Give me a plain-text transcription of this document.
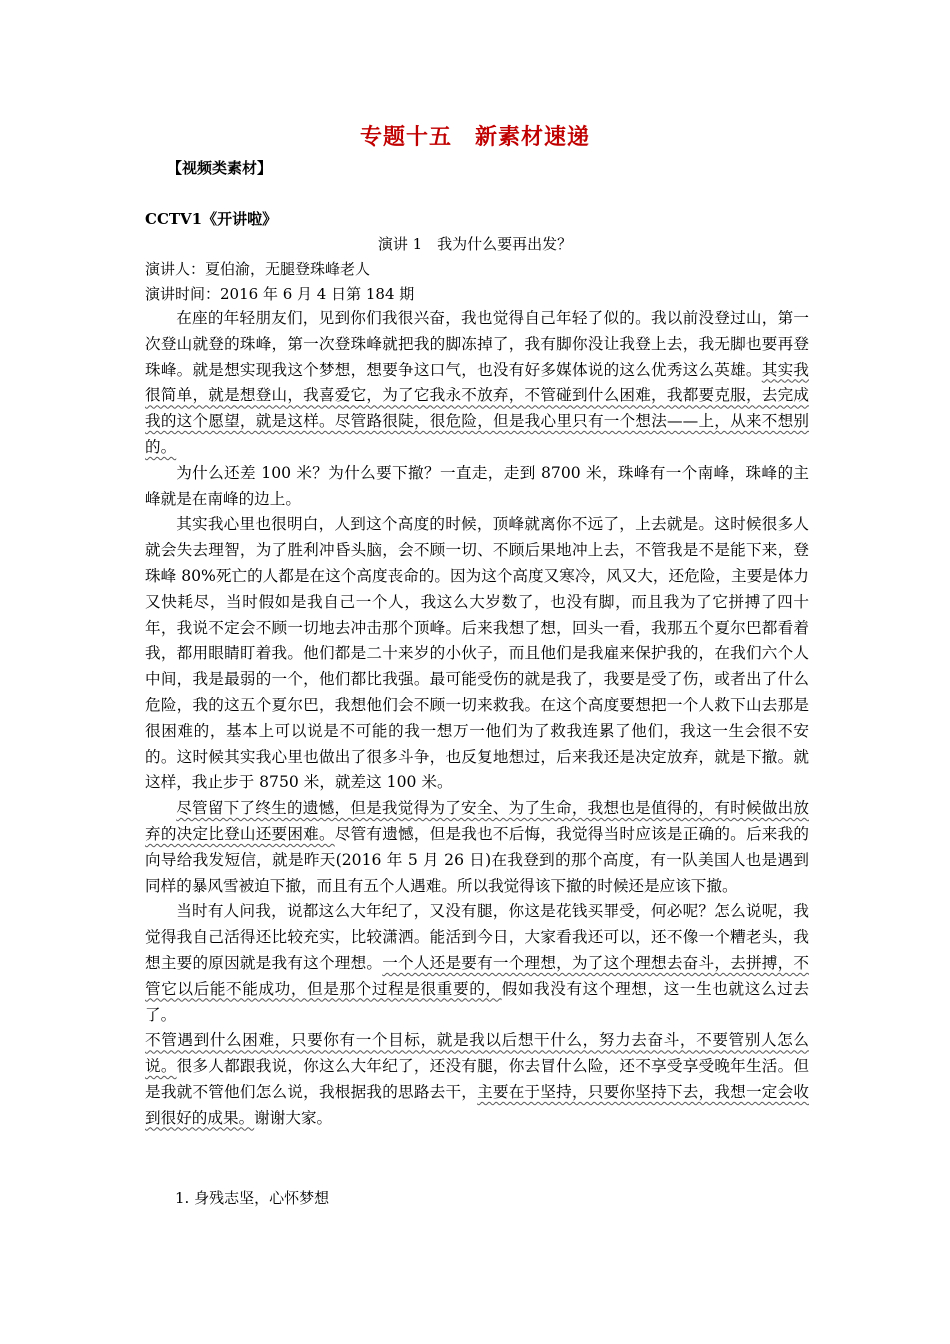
专题十五　新素材速递
【视频类素材】
CCTV1《开讲啦》
演讲 1　我为什么要再出发？
演讲人：夏伯渝，无腿登珠峰老人
演讲时间：2016 年 6 月 4 日第 184 期

在座的年轻朋友们，见到你们我很兴奋，我也觉得自己年轻了似的。我以前没登过山，第一次登山就登的珠峰，第一次登珠峰就把我的脚冻掉了，我有脚你没让我登上去，我无脚也要再登珠峰。就是想实现我这个梦想，想要争这口气，也没有好多媒体说的这么优秀这么英雄。其实我很简单，就是想登山，我喜爱它，为了它我永不放弃，不管碰到什么困难，我都要克服，去完成我的这个愿望，就是这样。尽管路很陡，很危险，但是我心里只有一个想法——上，从来不想别的。

为什么还差 100 米？为什么要下撤？一直走，走到 8700 米，珠峰有一个南峰，珠峰的主峰就是在南峰的边上。

其实我心里也很明白，人到这个高度的时候，顶峰就离你不远了，上去就是。这时候很多人就会失去理智，为了胜利冲昏头脑，会不顾一切、不顾后果地冲上去，不管我是不是能下来，登珠峰 80%死亡的人都是在这个高度丧命的。因为这个高度又寒冷，风又大，还危险，主要是体力又快耗尽，当时假如是我自己一个人，我这么大岁数了，也没有脚，而且我为了它拼搏了四十年，我说不定会不顾一切地去冲击那个顶峰。后来我想了想，回头一看，我那五个夏尔巴都看着我，都用眼睛盯着我。他们都是二十来岁的小伙子，而且他们是我雇来保护我的，在我们六个人中间，我是最弱的一个，他们都比我强。最可能受伤的就是我了，我要是受了伤，或者出了什么危险，我的这五个夏尔巴，我想他们会不顾一切来救我。在这个高度要想把一个人救下山去那是很困难的，基本上可以说是不可能的我一想万一他们为了救我连累了他们，我这一生会很不安的。这时候其实我心里也做出了很多斗争，也反复地想过，后来我还是决定放弃，就是下撤。就这样，我止步于 8750 米，就差这 100 米。

尽管留下了终生的遗憾，但是我觉得为了安全、为了生命，我想也是值得的，有时候做出放弃的决定比登山还要困难。尽管有遗憾，但是我也不后悔，我觉得当时应该是正确的。后来我的向导给我发短信，就是昨天(2016 年 5 月 26 日)在我登到的那个高度，有一队美国人也是遇到同样的暴风雪被迫下撤，而且有五个人遇难。所以我觉得该下撤的时候还是应该下撤。

当时有人问我，说都这么大年纪了，又没有腿，你这是花钱买罪受，何必呢？怎么说呢，我觉得我自己活得还比较充实，比较潇洒。能活到今日，大家看我还可以，还不像一个糟老头，我想主要的原因就是我有这个理想。一个人还是要有一个理想，为了这个理想去奋斗，去拼搏，不管它以后能不能成功，但是那个过程是很重要的，假如我没有这个理想，这一生也就这么过去了。

不管遇到什么困难，只要你有一个目标，就是我以后想干什么，努力去奋斗，不要管别人怎么说。很多人都跟我说，你这么大年纪了，还没有腿，你去冒什么险，还不享受享受晚年生活。但是我就不管他们怎么说，我根据我的思路去干，主要在于坚持，只要你坚持下去，我想一定会收到很好的成果。谢谢大家。

1. 身残志坚，心怀梦想
